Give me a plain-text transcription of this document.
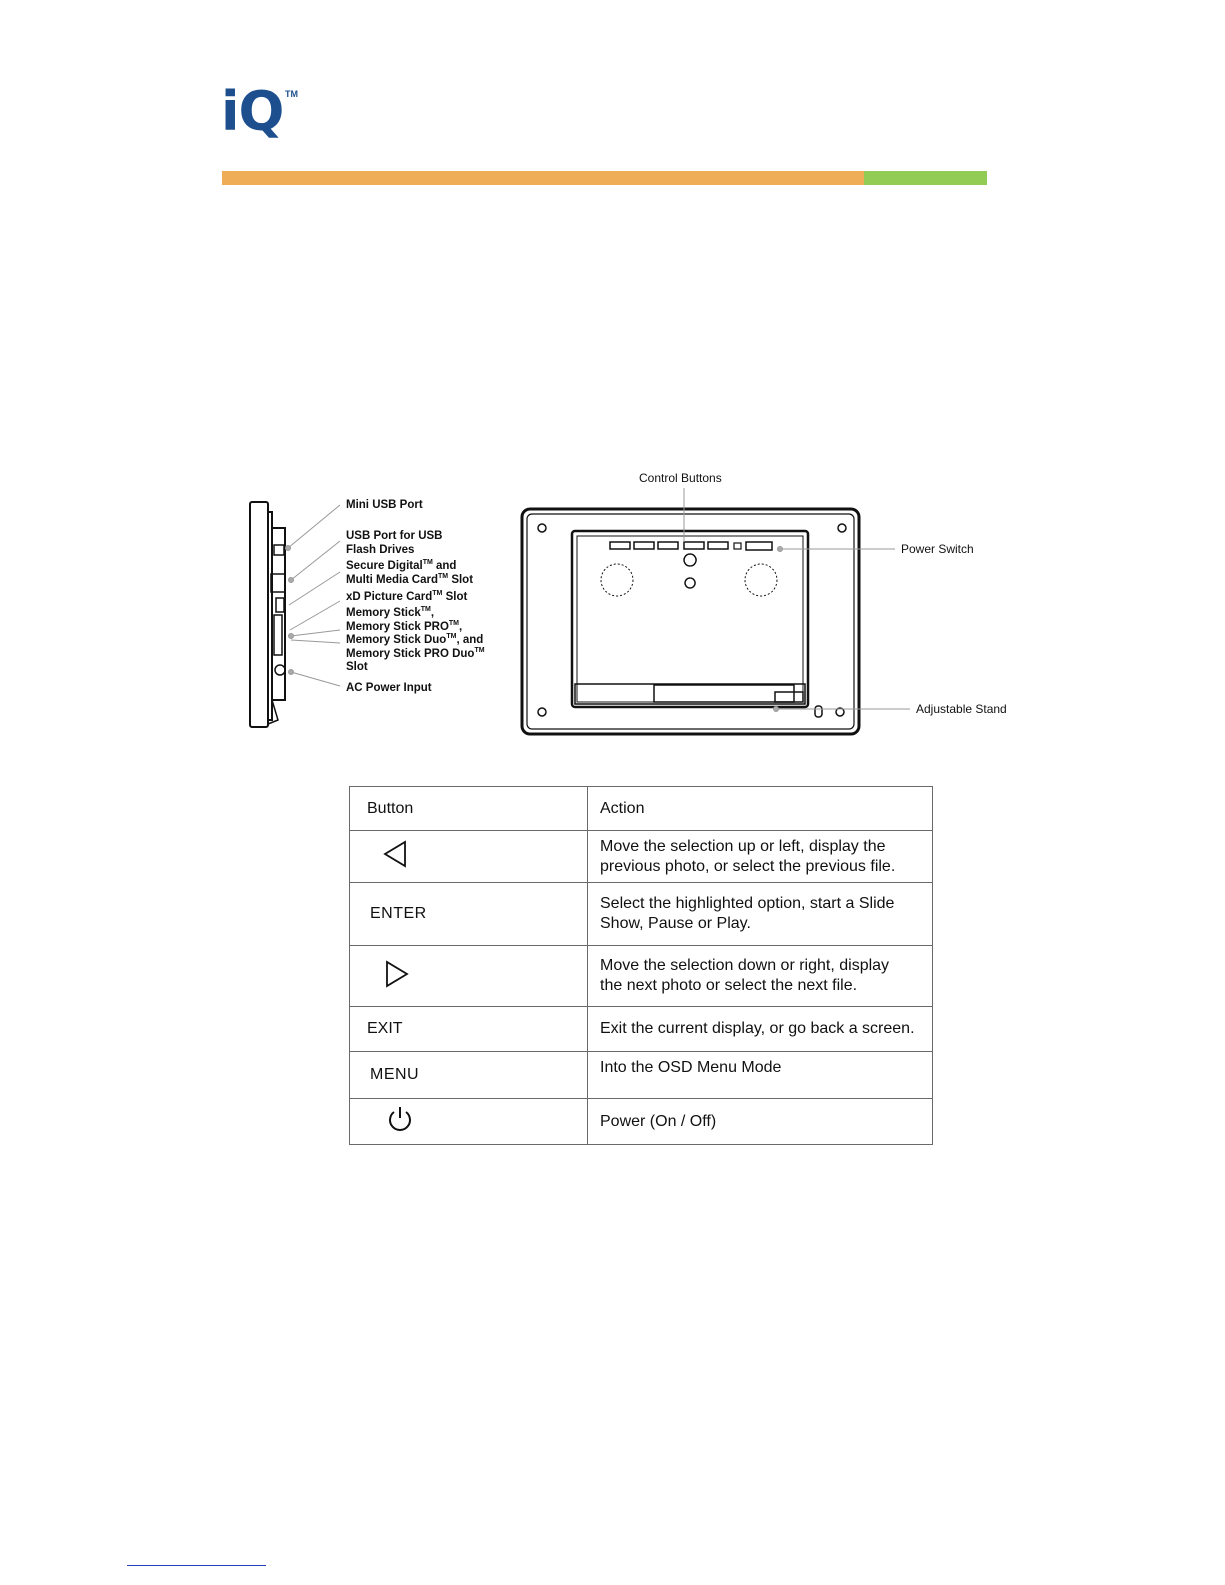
iQ TM
Mini USB Port
USB Port for USB
Flash Drives
Secure Digital™ and
Multi Media Card™ Slot
xD Picture Card™ Slot
Memory Stick™,
Memory Stick PRO™,
Memory Stick Duo™, and
Memory Stick PRO Duo™
Slot
AC Power Input
Control Buttons
Power Switch
Adjustable Stand
Button	Action
	Move the selection up or left, display the
previous photo, or select the previous file.
ENTER	Select the highlighted option, start a Slide
Show, Pause or Play.
	Move the selection down or right, display
the next photo or select the next file.
EXIT	Exit the current display, or go back a screen.
MENU	Into the OSD Menu Mode
	Power (On / Off)
